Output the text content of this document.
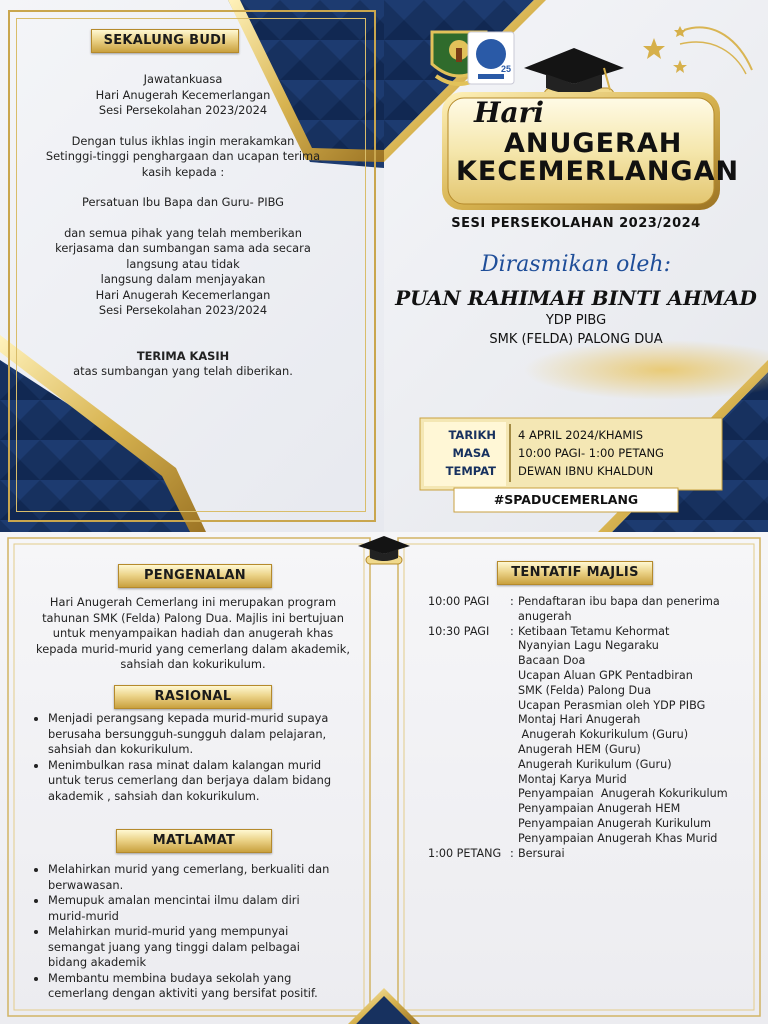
SEKALUNG BUDI
Jawatankuasa
Hari Anugerah Kecemerlangan
Sesi Persekolahan 2023/2024
Dengan tulus ikhlas ingin merakamkan
Setinggi-tinggi penghargaan dan ucapan terima
kasih kepada :
Persatuan Ibu Bapa dan Guru- PIBG
dan semua pihak yang telah memberikan
kerjasama dan sumbangan sama ada secara
langsung atau tidak
langsung dalam menjayakan
Hari Anugerah Kecemerlangan
Sesi Persekolahan 2023/2024
TERIMA KASIH
atas sumbangan yang telah diberikan.
25
Hari
ANUGERAH
KECEMERLANGAN
SESI PERSEKOLAHAN 2023/2024
Dirasmikan oleh:
PUAN RAHIMAH BINTI AHMAD
YDP PIBG
SMK (FELDA) PALONG DUA
TARIKH
MASA
TEMPAT
4 APRIL 2024/KHAMIS
10:00 PAGI- 1:00 PETANG
DEWAN IBNU KHALDUN
#SPADUCEMERLANG
PENGENALAN
Hari Anugerah Cemerlang ini merupakan program tahunan SMK (Felda) Palong Dua. Majlis ini bertujuan untuk menyampaikan hadiah dan anugerah khas kepada murid-murid yang cemerlang dalam akademik, sahsiah dan kokurikulum.
RASIONAL
• Menjadi perangsang kepada murid-murid supaya berusaha bersungguh-sungguh dalam pelajaran, sahsiah dan kokurikulum.
• Menimbulkan rasa minat dalam kalangan murid untuk terus cemerlang dan berjaya dalam bidang akademik , sahsiah dan kokurikulum.
MATLAMAT
• Melahirkan murid yang cemerlang, berkualiti dan berwawasan.
• Memupuk amalan mencintai ilmu dalam diri murid-murid
• Melahirkan murid-murid yang mempunyai semangat juang yang tinggi dalam pelbagai bidang akademik
• Membantu membina budaya sekolah yang cemerlang dengan aktiviti yang bersifat positif.
TENTATIF MAJLIS
10:00 PAGI	: Pendaftaran ibu bapa dan penerima anugerah
10:30 PAGI	: Ketibaan Tetamu Kehormat
Nyanyian Lagu Negaraku
Bacaan Doa
Ucapan Aluan GPK Pentadbiran
SMK (Felda) Palong Dua
Ucapan Perasmian oleh YDP PIBG
Montaj Hari Anugerah
Anugerah Kokurikulum (Guru)
Anugerah HEM (Guru)
Anugerah Kurikulum (Guru)
Montaj Karya Murid
Penyampaian  Anugerah Kokurikulum
Penyampaian Anugerah HEM
Penyampaian Anugerah Kurikulum
Penyampaian Anugerah Khas Murid
1:00 PETANG : Bersurai
